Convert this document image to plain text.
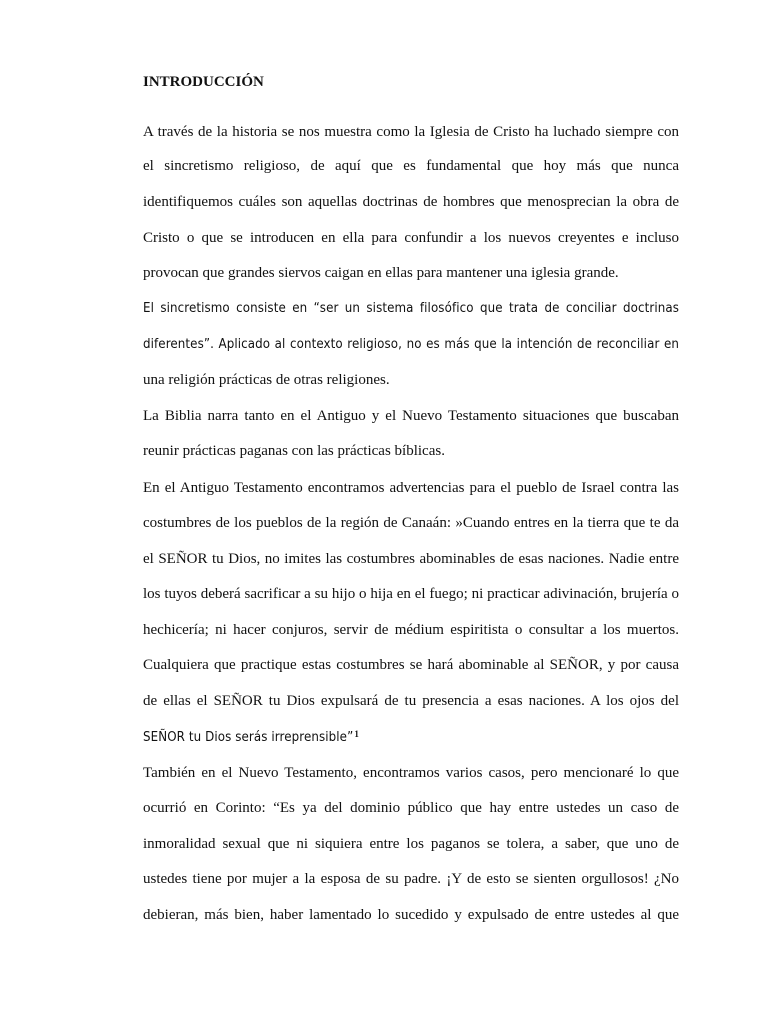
INTRODUCCIÓN

A través de la historia se nos muestra como la Iglesia de Cristo ha luchado siempre con

el sincretismo religioso, de aquí que es fundamental que hoy más que nunca

identifiquemos cuáles son aquellas doctrinas de hombres que menosprecian la obra de

Cristo o que se introducen en ella para confundir a los nuevos creyentes e incluso

provocan que grandes siervos caigan en ellas para mantener una iglesia grande.

El sincretismo consiste en “ser un sistema filosófico que trata de conciliar doctrinas

diferentes”. Aplicado al contexto religioso, no es más que la intención de reconciliar en

una religión prácticas de otras religiones.

La Biblia narra tanto en el Antiguo y el Nuevo Testamento situaciones que buscaban

reunir prácticas paganas con las prácticas bíblicas.

En el Antiguo Testamento encontramos advertencias para el pueblo de Israel contra las

costumbres de los pueblos de la región de Canaán: »Cuando entres en la tierra que te da

el SEÑOR tu Dios, no imites las costumbres abominables de esas naciones. Nadie entre

los tuyos deberá sacrificar a su hijo o hija en el fuego; ni practicar adivinación, brujería o

hechicería; ni hacer conjuros, servir de médium espiritista o consultar a los muertos.

Cualquiera que practique estas costumbres se hará abominable al SEÑOR, y por causa

de ellas el SEÑOR tu Dios expulsará de tu presencia a esas naciones. A los ojos del

SEÑOR tu Dios serás irreprensible”$^1$

También en el Nuevo Testamento, encontramos varios casos, pero mencionaré lo que

ocurrió en Corinto: “Es ya del dominio público que hay entre ustedes un caso de

inmoralidad sexual que ni siquiera entre los paganos se tolera, a saber, que uno de

ustedes tiene por mujer a la esposa de su padre. ¡Y de esto se sienten orgullosos! ¿No

debieran, más bien, haber lamentado lo sucedido y expulsado de entre ustedes al que
